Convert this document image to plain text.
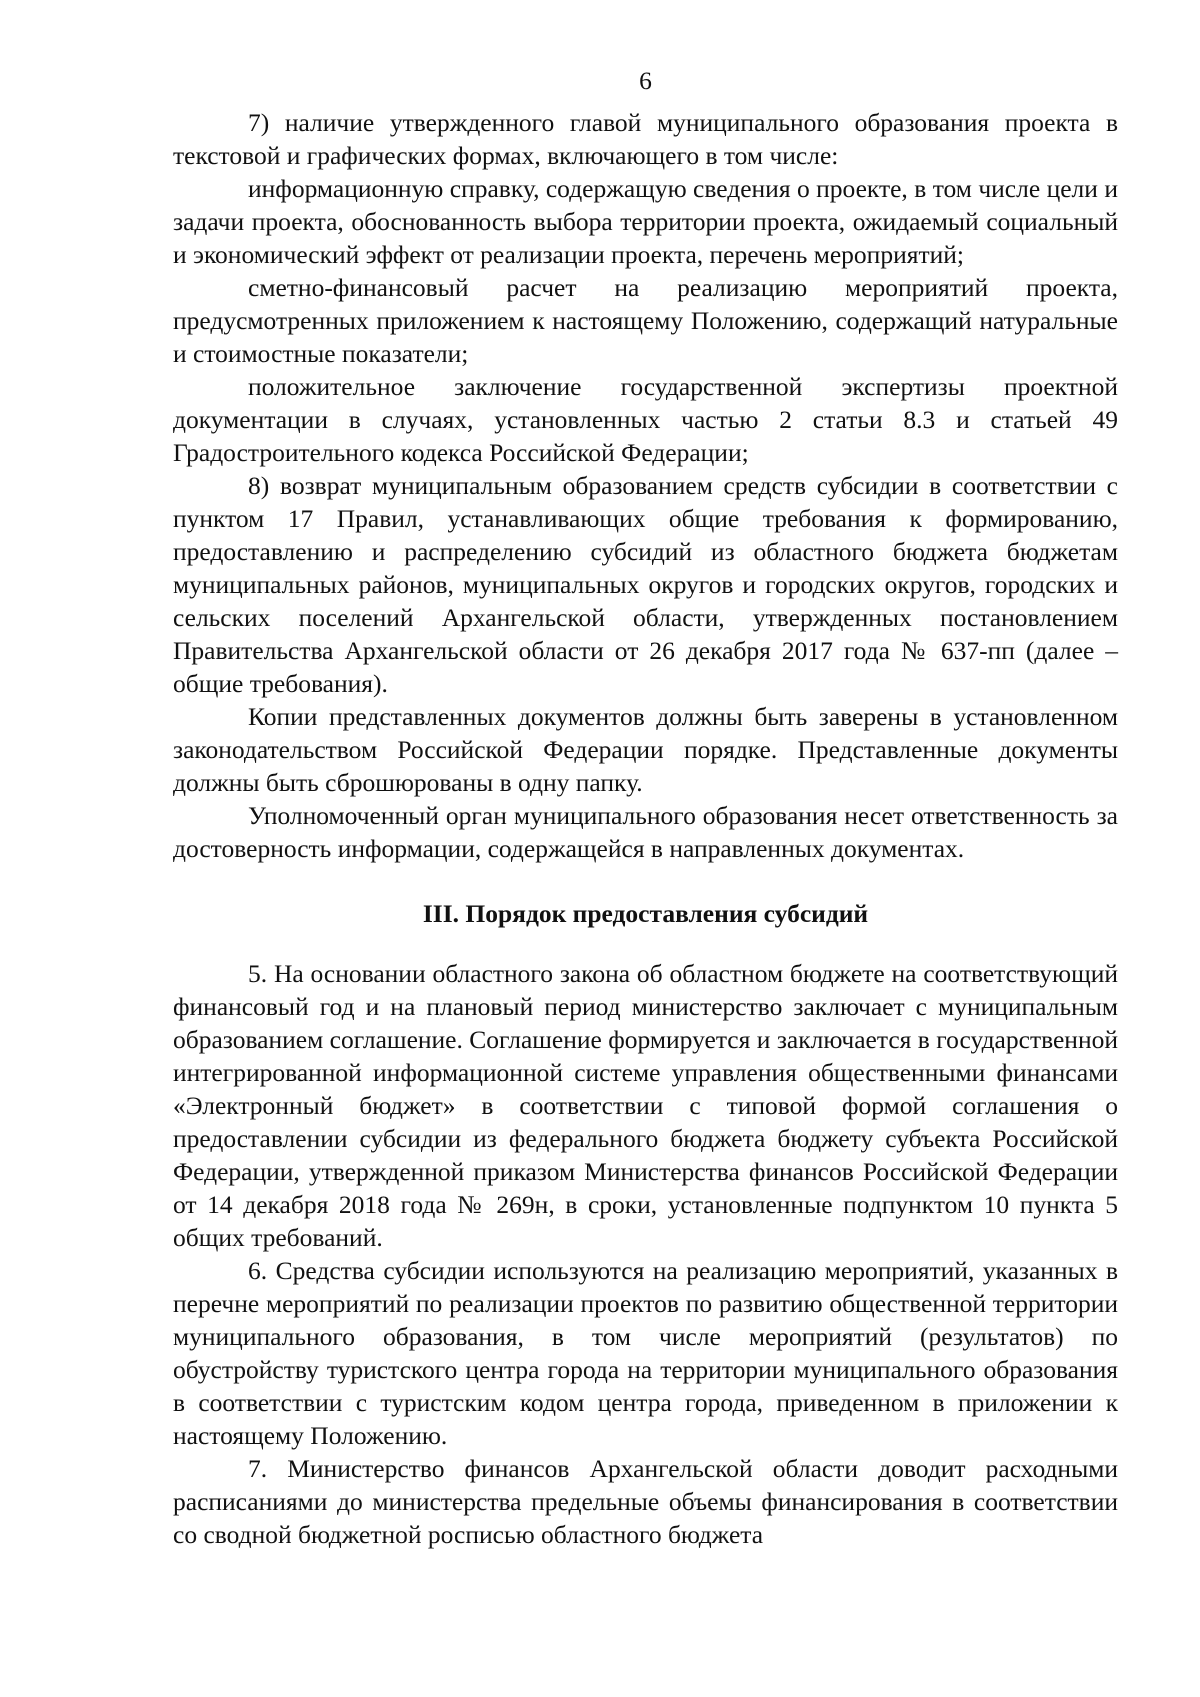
6

7) наличие утвержденного главой муниципального образования проекта в текстовой и графических формах, включающего в том числе:

информационную справку, содержащую сведения о проекте, в том числе цели и задачи проекта, обоснованность выбора территории проекта, ожидаемый социальный и экономический эффект от реализации проекта, перечень мероприятий;

сметно-финансовый расчет на реализацию мероприятий проекта, предусмотренных приложением к настоящему Положению, содержащий натуральные и стоимостные показатели;

положительное заключение государственной экспертизы проектной документации в случаях, установленных частью 2 статьи 8.3 и статьей 49 Градостроительного кодекса Российской Федерации;

8) возврат муниципальным образованием средств субсидии в соответствии с пунктом 17 Правил, устанавливающих общие требования к формированию, предоставлению и распределению субсидий из областного бюджета бюджетам муниципальных районов, муниципальных округов и городских округов, городских и сельских поселений Архангельской области, утвержденных постановлением Правительства Архангельской области от 26 декабря 2017 года № 637-пп (далее – общие требования).

Копии представленных документов должны быть заверены в установленном законодательством Российской Федерации порядке. Представленные документы должны быть сброшюрованы в одну папку.

Уполномоченный орган муниципального образования несет ответственность за достоверность информации, содержащейся в направленных документах.

III. Порядок предоставления субсидий

5. На основании областного закона об областном бюджете на соответствующий финансовый год и на плановый период министерство заключает с муниципальным образованием соглашение. Соглашение формируется и заключается в государственной интегрированной информационной системе управления общественными финансами «Электронный бюджет» в соответствии с типовой формой соглашения о предоставлении субсидии из федерального бюджета бюджету субъекта Российской Федерации, утвержденной приказом Министерства финансов Российской Федерации от 14 декабря 2018 года № 269н, в сроки, установленные подпунктом 10 пункта 5 общих требований.

6. Средства субсидии используются на реализацию мероприятий, указанных в перечне мероприятий по реализации проектов по развитию общественной территории муниципального образования, в том числе мероприятий (результатов) по обустройству туристского центра города на территории муниципального образования в соответствии с туристским кодом центра города, приведенном в приложении к настоящему Положению.

7. Министерство финансов Архангельской области доводит расходными расписаниями до министерства предельные объемы финансирования в соответствии со сводной бюджетной росписью областного бюджета
